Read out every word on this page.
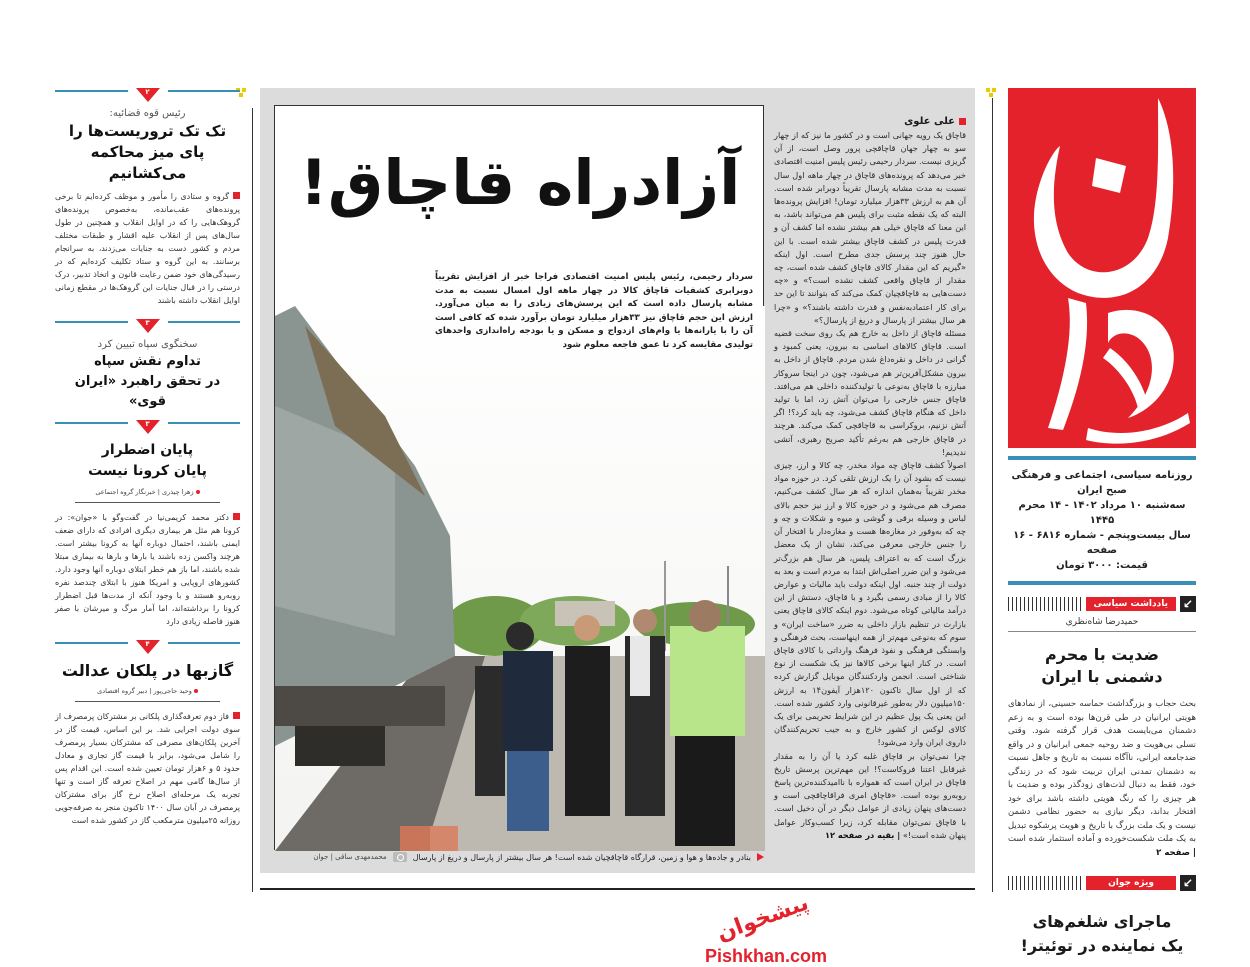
روزنامه سیاسی، اجتماعی و فرهنگی صبح ایران
سه‌شنبه ۱۰ مرداد ۱۴۰۲ - ۱۴ محرم ۱۴۴۵
سال بیست‌وپنجم - شماره ۶۸۱۶ - ۱۶ صفحه
قیمت: ۳۰۰۰ تومان
↙
یادداشت سیاسی
حمیدرضا شاه‌نظری
ضدیت با محرم
دشمنی با ایران
بحث حجاب و بزرگداشت حماسه حسینی، از نمادهای هویتی ایرانیان در طی قرن‌ها بوده است و به زعم دشمنان می‌بایست هدف قرار گرفته شود. وقتی نسلی بی‌هویت و ضد روحیه جمعی ایرانیان و در واقع ضدجامعه ایرانی، ناآگاه نسبت به تاریخ و جاهل نسبت به دشمنان تمدنی ایران تربیت شود که در زندگی خود، فقط به دنبال لذت‌های زودگذر بوده و ضدیت با هر چیزی را که رنگ هویتی داشته باشد برای خود افتخار بداند، دیگر نیازی به حضور نظامی دشمن نیست و یک ملت بزرگ با تاریخ و هویت پرشکوه تبدیل به یک ملت شکست‌خورده و آماده استثمار شده است | صفحه ۲
↙
ویژه جوان
ماجرای شلغم‌های
یک نماینده در توئیتر!
آزادراه قاچاق!
پیشخوان
Pishkhan.com
سردار رحیمی، رئیس پلیس امنیت اقتصادی فراجا خبر از افزایش تقریباً دوبرابری کشفیات قاچاق کالا در چهار ماهه اول امسال نسبت به مدت مشابه پارسال داده است که این پرسش‌های زیادی را به میان می‌آورد. ارزش این حجم قاچاق نیز ۳۳هزار میلیارد تومان برآورد شده که کافی است آن را با یارانه‌ها یا وام‌های ازدواج و مسکن و یا بودجه راه‌اندازی واحدهای تولیدی مقایسه کرد تا عمق فاجعه معلوم شود
بنادر و جاده‌ها و هوا و زمین، قرارگاه قاچاقچیان شده است! هر سال بیشتر از پارسال و دریغ از پارسال
محمدمهدی ساقی | جوان
علی علوی

قاچاق یک رویه جهانی است و در کشور ما نیز که از چهار سو به چهار جهان قاچاقچی پرور وصل است، از آن گریزی نیست. سردار رحیمی رئیس پلیس امنیت اقتصادی خبر می‌دهد که پرونده‌های قاچاق در چهار ماهه اول سال نسبت به مدت مشابه پارسال تقریباً دوبرابر شده است. آن هم به ارزش ۳۳هزار میلیارد تومان! افزایش پرونده‌ها البته که یک نقطه مثبت برای پلیس هم می‌تواند باشد، به این معنا که قاچاق خیلی هم بیشتر نشده اما کشف آن و قدرت پلیس در کشف قاچاق بیشتر شده است. با این حال هنوز چند پرسش جدی مطرح است. اول اینکه «گیریم که این مقدار کالای قاچاق کشف شده است، چه مقدار از قاچاق واقعی کشف نشده است؟» و «چه دست‌هایی به قاچاقچیان کمک می‌کند که بتوانند تا این حد برای کار اعتمادبه‌نفس و قدرت داشته باشند؟» و «چرا هر سال بیشتر از پارسال و دریغ از پارسال؟»

مسئله قاچاق از داخل به خارج هم یک روی سخت قضیه است. قاچاق کالاهای اساسی به بیرون، یعنی کمبود و گرانی در داخل و نقره‌داغ شدن مردم. قاچاق از داخل به بیرون مشکل‌آفرین‌تر هم می‌شود، چون در اینجا سروکار مبارزه با قاچاق به‌نوعی با تولیدکننده داخلی هم می‌افتد. قاچاق جنس خارجی را می‌توان آتش زد، اما با تولید داخل که هنگام قاچاق کشف می‌شود، چه باید کرد؟! اگر آتش نزنیم، بروکراسی به قاچاقچی کمک می‌کند. هرچند در قاچاق خارجی هم به‌رغم تأکید صریح رهبری، آتشی ندیدیم!

اصولاً کشف قاچاق چه مواد مخدر، چه کالا و ارز، چیزی نیست که بشود آن را یک ارزش تلقی کرد. در حوزه مواد مخدر تقریباً به‌همان اندازه که هر سال کشف می‌کنیم، مصرف هم می‌شود و در حوزه کالا و ارز نیز حجم بالای لباس و وسیله برقی و گوشی و میوه و شکلات و چه و چه که به‌وفور در مغازه‌ها هست و مغازه‌دار با افتخار آن را جنس خارجی معرفی می‌کند، نشان از یک معضل بزرگ است که به اعتراف پلیس، هر سال هم بزرگ‌تر می‌شود و این ضرر اصلی‌اش ابتدا به مردم است و بعد به دولت از چند جنبه. اول اینکه دولت باید مالیات و عوارض کالا را از مبادی رسمی بگیرد و با قاچاق، دستش از این درآمد مالیاتی کوتاه می‌شود. دوم اینکه کالای قاچاق یعنی بازارت در تنظیم بازار داخلی به ضرر «ساخت ایران» و سوم که به‌نوعی مهم‌تر از همه اینهاست، بحث فرهنگی و وابستگی فرهنگی و نفوذ فرهنگ وارداتی با کالای قاچاق است. در کنار اینها برخی کالاها نیز یک شکست از نوع شناختی است. انجمن واردکنندگان موبایل گزارش کرده که از اول سال تاکنون ۱۲۰هزار آیفون۱۴ به ارزش ۱۵۰میلیون دلار به‌طور غیرقانونی وارد کشور شده است. این یعنی یک پول عظیم در این شرایط تحریمی برای یک کالای لوکس از کشور خارج و به جیب تحریم‌کنندگان داروی ایران وارد می‌شود!

چرا نمی‌توان بر قاچاق غلبه کرد یا آن را به مقدار غیرقابل اعتنا فروکاست؟! این مهم‌ترین پرسش تاریخ قاچاق در ایران است که همواره با ناامیدکننده‌ترین پاسخ روبه‌رو بوده است. «قاچاق امری فراقاچاقچی است و دست‌های پنهان زیادی از عوامل دیگر در آن دخیل است. با قاچاق نمی‌توان مقابله کرد، زیرا کسب‌وکار عوامل پنهان شده است!» | بقیه در صفحه ۱۲

۲
رئیس قوه قضائیه:
تک تک تروریست‌ها را
پای میز محاکمه می‌کشانیم
گروه و ستادی را مأمور و موظف کرده‌ایم تا برخی پرونده‌های عقب‌مانده، به‌خصوص پرونده‌های گروهک‌هایی را که در اوایل انقلاب و همچنین در طول سال‌های پس از انقلاب علیه اقشار و طبقات مختلف مردم و کشور دست به جنایات می‌زدند، به سرانجام برسانند. به این گروه و ستاد تکلیف کرده‌ایم که در رسیدگی‌های خود ضمن رعایت قانون و اتخاذ تدبیر، درک درستی را در قبال جنایات این گروهک‌ها در مقطع زمانی اوایل انقلاب داشته باشند
۳
سخنگوی سپاه تبیین کرد
تداوم نقش سپاه
در تحقق راهبرد «ایران قوی»
۳
پایان اضطرار
پایان کرونا نیست
زهرا چیذری | خبرنگار گروه اجتماعی
دکتر محمد کریمی‌نیا در گفت‌وگو با «جوان»: در کرونا هم مثل هر بیماری دیگری افرادی که دارای ضعف ایمنی باشند، احتمال دوباره آنها به کرونا بیشتر است. هرچند واکسن زده باشند یا بارها و بارها به بیماری مبتلا شده باشند، اما باز هم خطر ابتلای دوباره آنها وجود دارد. کشورهای اروپایی و امریکا هنوز با ابتلای چندصد نفره روبه‌رو هستند و با وجود آنکه از مدت‌ها قبل اضطرار کرونا را برداشته‌اند، اما آمار مرگ و میرشان با صفر هنوز فاصله زیادی دارد
۴
گازبها در پلکان عدالت
وحید حاجی‌پور | دبیر گروه اقتصادی
فاز دوم تعرفه‌گذاری پلکانی بر مشترکان پرمصرف از سوی دولت اجرایی شد. بر این اساس، قیمت گاز در آخرین پلکان‌های مصرفی که مشترکان بسیار پرمصرف را شامل می‌شود، برابر با قیمت گاز تجاری و معادل حدود ۵ و ۶هزار تومان تعیین شده است. این اقدام پس از سال‌ها گامی مهم در اصلاح تعرفه گاز است و تنها تجربه یک مرحله‌ای اصلاح نرخ گاز برای مشترکان پرمصرف در آبان سال ۱۴۰۰ تاکنون منجر به صرفه‌جویی روزانه ۲۵میلیون مترمکعب گاز در کشور شده است
